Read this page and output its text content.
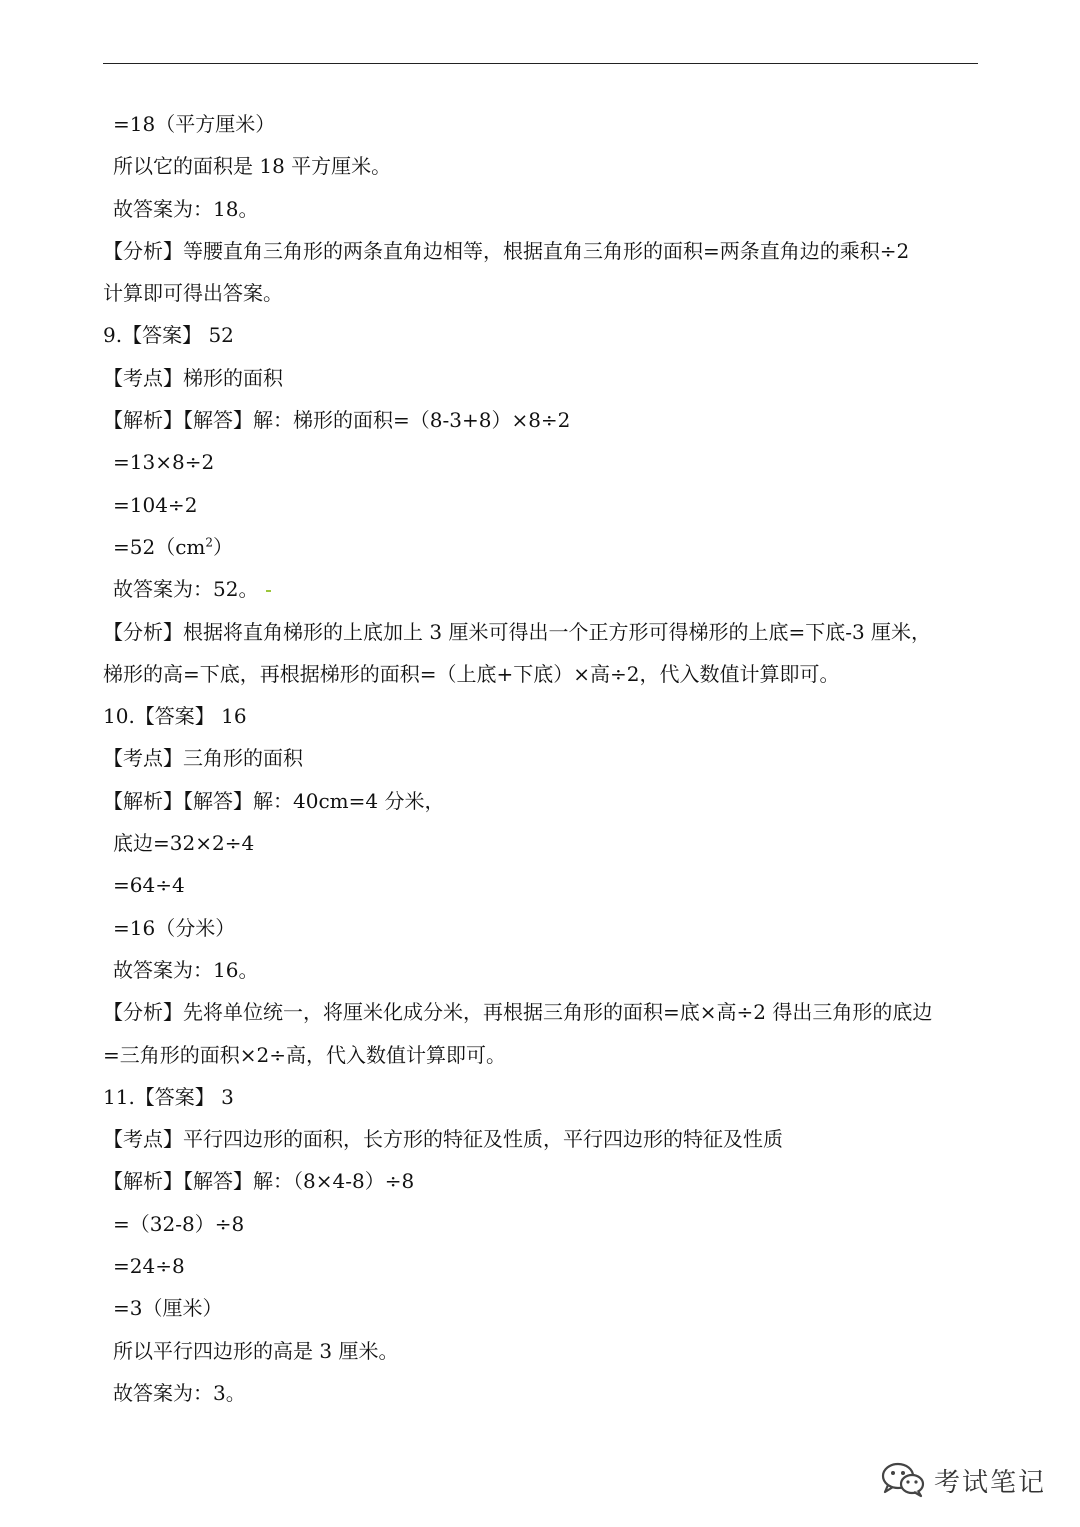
=18（平方厘米）
所以它的面积是 18 平方厘米。
故答案为：18。
【分析】等腰直角三角形的两条直角边相等，根据直角三角形的面积=两条直角边的乘积÷2
计算即可得出答案。
9.【答案】 52
【考点】梯形的面积
【解析】【解答】解：梯形的面积=（8-3+8）×8÷2
=13×8÷2
=104÷2
$=52(cm^2)$
故答案为：52。
【分析】根据将直角梯形的上底加上 3 厘米可得出一个正方形可得梯形的上底=下底-3 厘米，
梯形的高=下底，再根据梯形的面积=（上底+下底）×高÷2，代入数值计算即可。
10.【答案】 16
【考点】三角形的面积
【解析】【解答】解：40cm=4 分米，
底边=32×2÷4
=64÷4
=16（分米）
故答案为：16。
【分析】先将单位统一，将厘米化成分米，再根据三角形的面积=底×高÷2 得出三角形的底边
=三角形的面积×2÷高，代入数值计算即可。
11.【答案】 3
【考点】平行四边形的面积，长方形的特征及性质，平行四边形的特征及性质
【解析】【解答】解：（8×4-8）÷8
=（32-8）÷8
=24÷8
=3（厘米）
所以平行四边形的高是 3 厘米。
故答案为：3。
考试笔记
